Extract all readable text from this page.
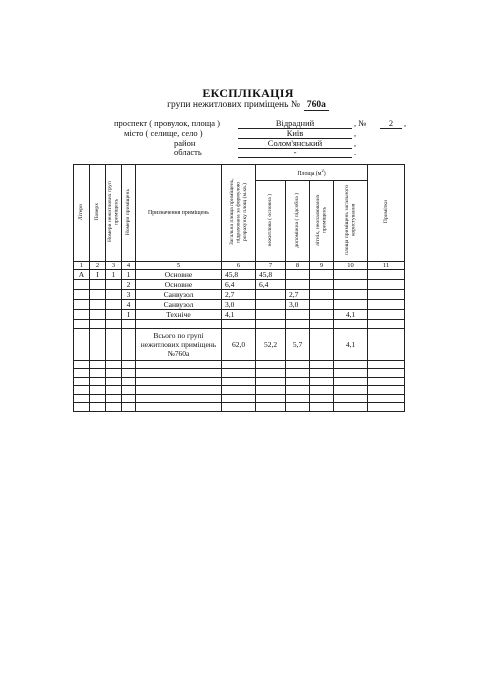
ЕКСПЛІКАЦІЯ
групи нежитлових приміщень № 760а
проспект ( провулок, площа )	Відрадний	, №	2	,
місто ( селище, село )	Київ	,
район	Солом'янський	,
область	-	.
Літери	Поверх	Номери нежитлових груп приміщень	Номери приміщень	Призначення приміщень	Загальна площа приміщень, підрахована за формулою розрахунку площ (м.кв.)	Площа $(м^2)$				Примітки
						нежитлова ( основна )	допоміжна ( підсобна )	літніх, неопалюваних приміщень	площа приміщень загального користування	
1	2	3	4	5	6	7	8	9	10	11
А	І	1	1	Основне	45,8	45,8				
			2	Основне	6,4	6,4				
			3	Санвузол	2,7		2,7			
			4	Санвузол	3,0		3,0			
			І	Техніче	4,1				4,1	

				Всього по групі нежитлових приміщень №760а	62,0	52,2	5,7		4,1	
